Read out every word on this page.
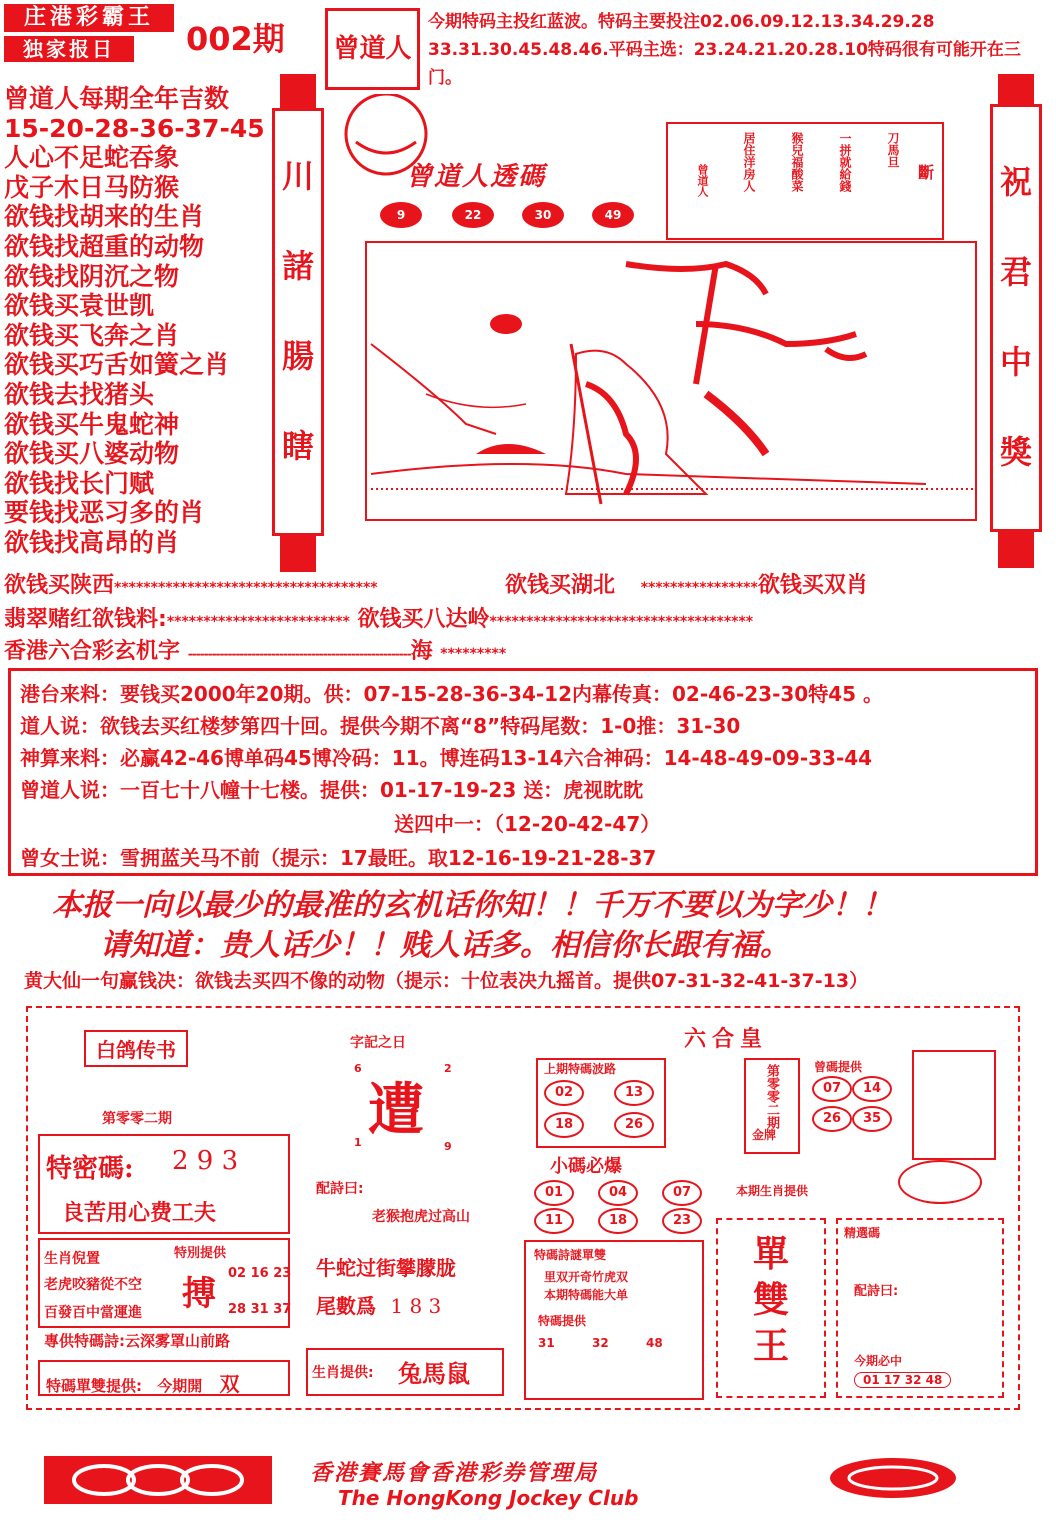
庄港彩霸王
独家报日	002期 曾道人
今期特码主投红蓝波。特码主要投注02.06.09.12.13.34.29.28 33.31.30.45.48.46.平码主选：23.24.21.20.28.10特码很有可能开在三门。
曾道人每期全年吉数
15-20-28-36-37-45
人心不足蛇吞象
戊子木日马防猴
欲钱找胡来的生肖
欲钱找超重的动物
欲钱找阴沉之物
欲钱买袁世凯
欲钱买飞奔之肖
欲钱买巧舌如簧之肖
欲钱去找猪头
欲钱买牛鬼蛇神
欲钱买八婆动物
欲钱找长门赋
要钱找恶习多的肖
欲钱找高昂的肖
川
諸
腸
瞎
祝
君
中
獎
曾道人透碼
9	22	30	49
斷
刀馬旦
一拼就給錢
猴兒福酸菜
居住洋房人
曾道人
欲钱买陕西************************************	欲钱买湖北 ****************欲钱买双肖
翡翠赌红欲钱料:************************* 欲钱买八达岭************************************
香港六合彩玄机字 --------------------------------------------------------海 *********
港台来料：要钱买2000年20期。供：07-15-28-36-34-12内幕传真：02-46-23-30特45 。
道人说：欲钱去买红楼梦第四十回。提供今期不离“8”特码尾数：1-0推：31-30
神算来料：必赢42-46博单码45博冷码：11。博连码13-14六合神码：14-48-49-09-33-44
曾道人说：一百七十八幢十七楼。提供：01-17-19-23 送：虎视眈眈
送四中一：（12-20-42-47）
曾女士说：雪拥蓝关马不前（提示：17最旺。取12-16-19-21-28-37
本报一向以最少的最准的玄机话你知！！千万不要以为字少！！
请知道：贵人话少！！贱人话多。相信你长跟有福。
黄大仙一句赢钱决：欲钱去买四不像的动物（提示：十位表决九摇首。提供07-31-32-41-37-13）
白鸽传书
第零零二期
特密碼: 2 9 3
良苦用心费工夫
生肖倪置
老虎咬豬從不空
百發百中當運進
特別提供
搏
02 16 23
28 31 37
專供特碼詩:云深雾罩山前路
特碼單雙提供: 今期開 双
字記之日
6	2
遭
1	9
配詩曰:
老猴抱虎过高山
牛蛇过街攀朦胧
尾數爲 1 8 3
生肖提供: 兔馬鼠
六合皇
上期特碼波路
02	13
18	26	第零零二期
金牌
曾碼提供
07	14
26	35
小碼必爆
01	04	07
11	18	23
本期生肖提供
特碼詩謎單雙
里双开奇竹虎双
本期特碼能大单
特碼提供
31	32	48
單
雙
王
精選碼
配詩曰:
今期必中
01 17 32 48
香港賽馬會香港彩券管理局
The HongKong Jockey Club
